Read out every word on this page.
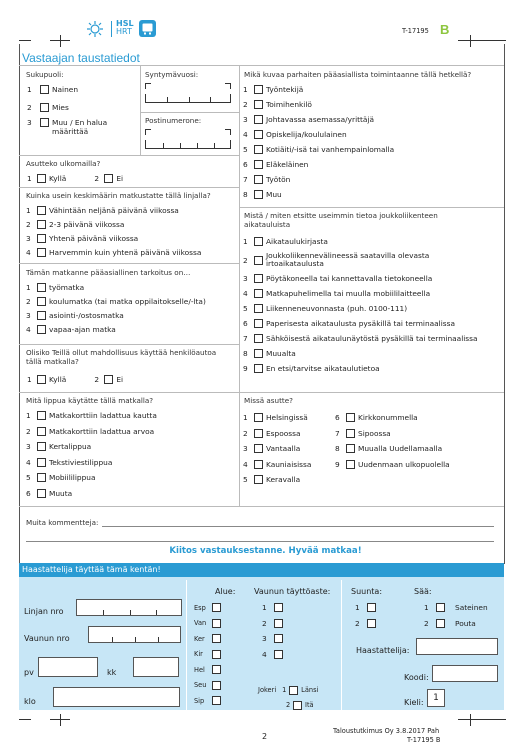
HSL
HRT	T-17195 B
Vastaajan taustatiedot
Sukupuoli:
1	Nainen
2	Mies
3	Muu / En halua määrittää
Syntymävuosi:
Postinumerone:
Asutteko ulkomailla?
1	Kyllä	2	Ei
Kuinka usein keskimäärin matkustatte tällä linjalla?
1	Vähintään neljänä päivänä viikossa
2	2-3 päivänä viikossa
3	Yhtenä päivänä viikossa
4	Harvemmin kuin yhtenä päivänä viikossa
Tämän matkanne pääasiallinen tarkoitus on…
1	työmatka
2	koulumatka (tai matka oppilaitokselle/-lta)
3	asiointi-/ostosmatka
4	vapaa-ajan matka
Olisiko Teillä ollut mahdollisuus käyttää henkilöautoa tällä matkalla?
1	Kyllä	2	Ei
Mikä kuvaa parhaiten pääasiallista toimintaanne tällä hetkellä?
1	Työntekijä
2	Toimihenkilö
3	Johtavassa asemassa/yrittäjä
4	Opiskelija/koululainen
5	Kotiäiti/-isä tai vanhempainlomalla
6	Eläkeläinen
7	Työtön
8	Muu
Mistä / miten etsitte useimmin tietoa joukkoliikenteen aikatauluista
1	Aikataulukirjasta
2	Joukkoliikennevälineessä saatavilla olevasta irtoaikataulusta
3	Pöytäkoneella tai kannettavalla tietokoneella
4	Matkapuhelimella tai muulla mobiililaitteella
5	Liikenneneuvonnasta (puh. 0100-111)
6	Paperisesta aikataulusta pysäkillä tai terminaalissa
7	Sähköisestä aikataulunäytöstä pysäkillä tai terminaalissa
8	Muualta
9	En etsi/tarvitse aikataulutietoa
Mitä lippua käytätte tällä matkalla?
1	Matkakorttiin ladattua kautta
2	Matkakorttiin ladattua arvoa
3	Kertalippua
4	Tekstiviestilippua
5	Mobiililippua
6	Muuta
Missä asutte?
1	Helsingissä
2	Espoossa
3	Vantaalla
4	Kauniaisissa
5	Keravalla
6	Kirkkonummella
7	Sipoossa
8	Muualla Uudellamaalla
9	Uudenmaan ulkopuolella
Muita kommentteja:
Kiitos vastauksestanne. Hyvää matkaa!
Haastattelija täyttää tämä kentän!
Linjan nro
Vaunun nro
pv	kk
klo
Alue:
Esp
Van
Ker
Kir
Hel
Seu
Sip
Vaunun täyttöaste:
1
2
3
4
Jokeri 1	Länsi
2	Itä
Suunta:
1
2
Sää:
1	Sateinen
2	Pouta
Haastattelija:
Koodi:
Kieli:	1
2
Taloustutkimus Oy 3.8.2017 Pah
T-17195 B
